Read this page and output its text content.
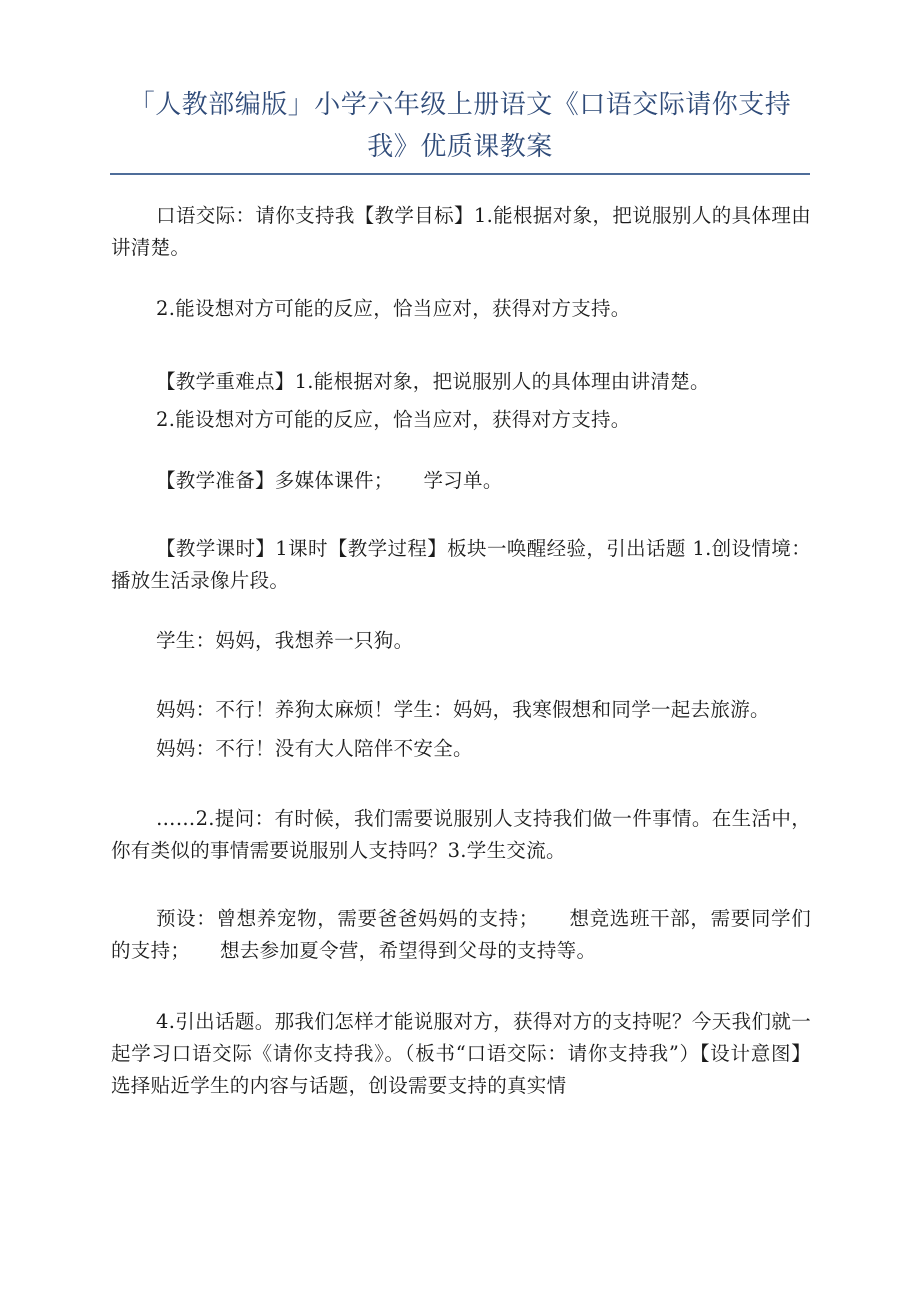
「人教部编版」小学六年级上册语文《口语交际请你支持我》优质课教案

口语交际：请你支持我【教学目标】1.能根据对象，把说服别人的具体理由讲清楚。

2.能设想对方可能的反应，恰当应对，获得对方支持。

【教学重难点】1.能根据对象，把说服别人的具体理由讲清楚。

2.能设想对方可能的反应，恰当应对，获得对方支持。

【教学准备】多媒体课件；　　学习单。

【教学课时】1课时【教学过程】板块一唤醒经验，引出话题 1.创设情境：播放生活录像片段。

学生：妈妈，我想养一只狗。

妈妈：不行！养狗太麻烦！学生：妈妈，我寒假想和同学一起去旅游。

妈妈：不行！没有大人陪伴不安全。

……2.提问：有时候，我们需要说服别人支持我们做一件事情。在生活中，你有类似的事情需要说服别人支持吗？3.学生交流。

预设：曾想养宠物，需要爸爸妈妈的支持；　　想竞选班干部，需要同学们的支持；　　想去参加夏令营，希望得到父母的支持等。

4.引出话题。那我们怎样才能说服对方，获得对方的支持呢？今天我们就一起学习口语交际《请你支持我》。（板书“口语交际：请你支持我”）【设计意图】选择贴近学生的内容与话题，创设需要支持的真实情
